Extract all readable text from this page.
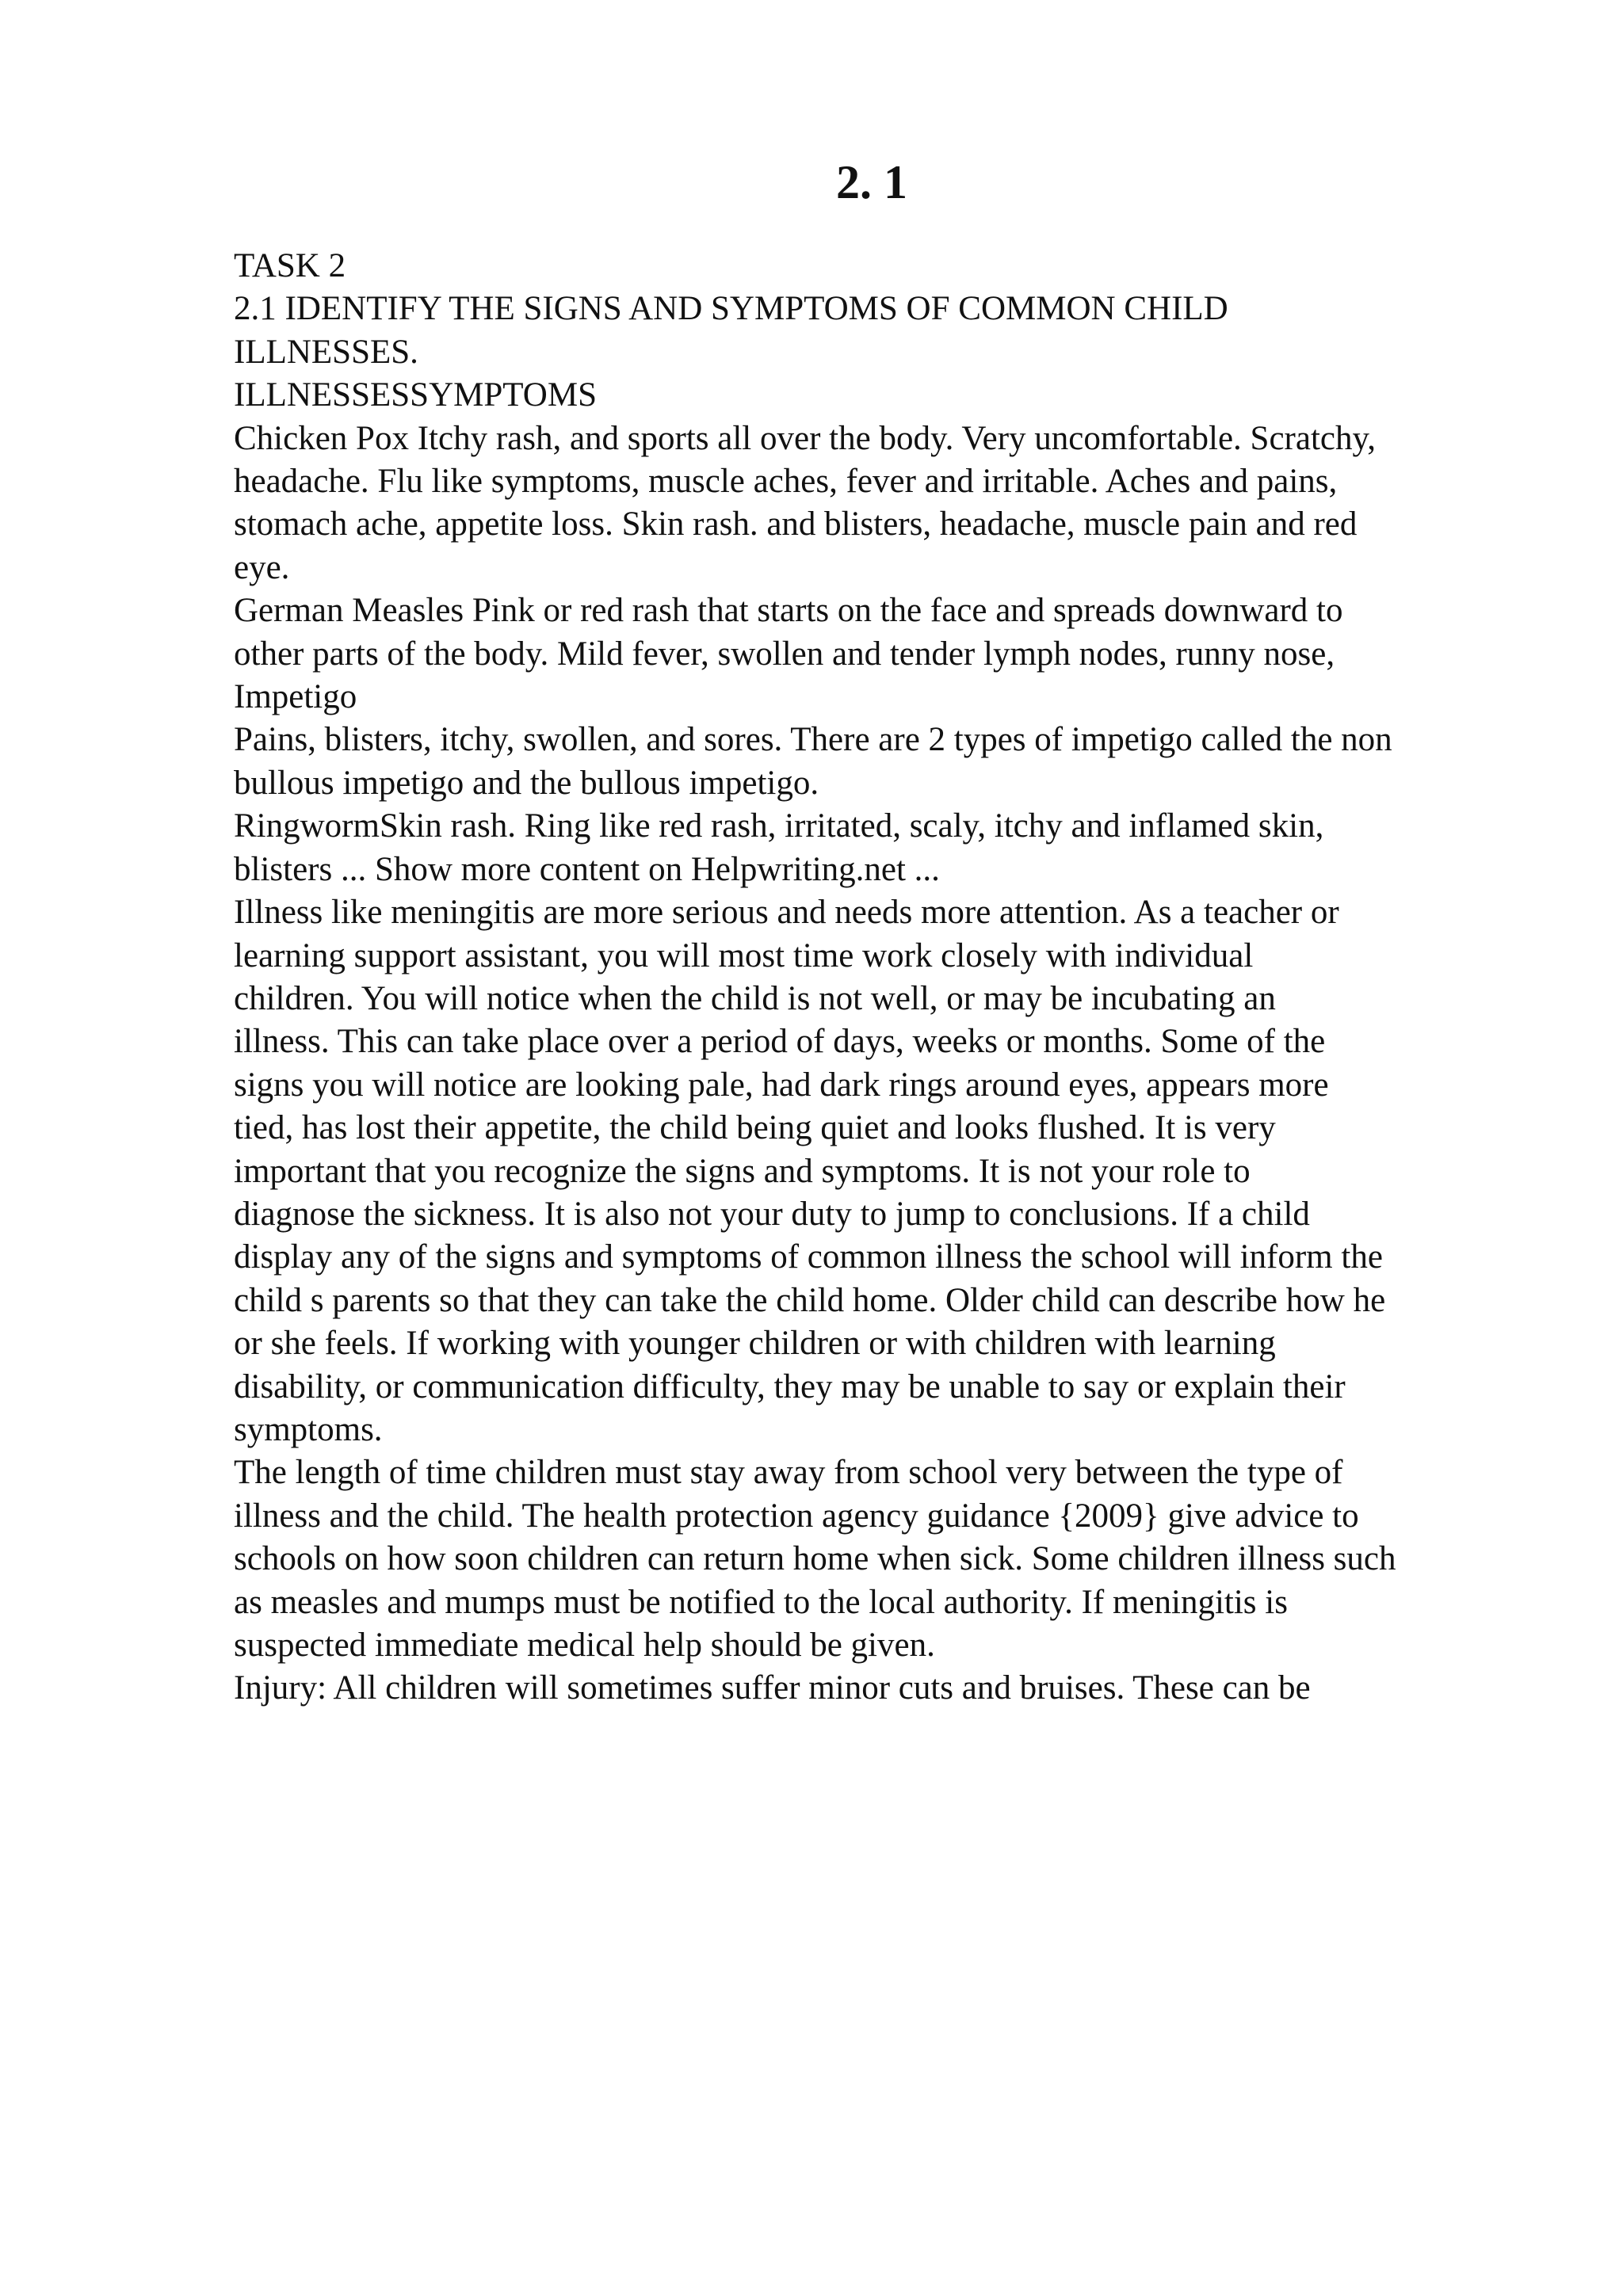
2. 1

TASK 2

2.1 IDENTIFY THE SIGNS AND SYMPTOMS OF COMMON CHILD

ILLNESSES.

ILLNESSESSYMPTOMS

Chicken Pox Itchy rash, and sports all over the body. Very uncomfortable. Scratchy,

headache. Flu like symptoms, muscle aches, fever and irritable. Aches and pains,

stomach ache, appetite loss. Skin rash. and blisters, headache, muscle pain and red

eye.

German Measles Pink or red rash that starts on the face and spreads downward to

other parts of the body. Mild fever, swollen and tender lymph nodes, runny nose,

Impetigo

Pains, blisters, itchy, swollen, and sores. There are 2 types of impetigo called the non

bullous impetigo and the bullous impetigo.

RingwormSkin rash. Ring like red rash, irritated, scaly, itchy and inflamed skin,

blisters ... Show more content on Helpwriting.net ...

Illness like meningitis are more serious and needs more attention. As a teacher or

learning support assistant, you will most time work closely with individual

children. You will notice when the child is not well, or may be incubating an

illness. This can take place over a period of days, weeks or months. Some of the

signs you will notice are looking pale, had dark rings around eyes, appears more

tied, has lost their appetite, the child being quiet and looks flushed. It is very

important that you recognize the signs and symptoms. It is not your role to

diagnose the sickness. It is also not your duty to jump to conclusions. If a child

display any of the signs and symptoms of common illness the school will inform the

child s parents so that they can take the child home. Older child can describe how he

or she feels. If working with younger children or with children with learning

disability, or communication difficulty, they may be unable to say or explain their

symptoms.

The length of time children must stay away from school very between the type of

illness and the child. The health protection agency guidance {2009} give advice to

schools on how soon children can return home when sick. Some children illness such

as measles and mumps must be notified to the local authority. If meningitis is

suspected immediate medical help should be given.

Injury: All children will sometimes suffer minor cuts and bruises. These can be
